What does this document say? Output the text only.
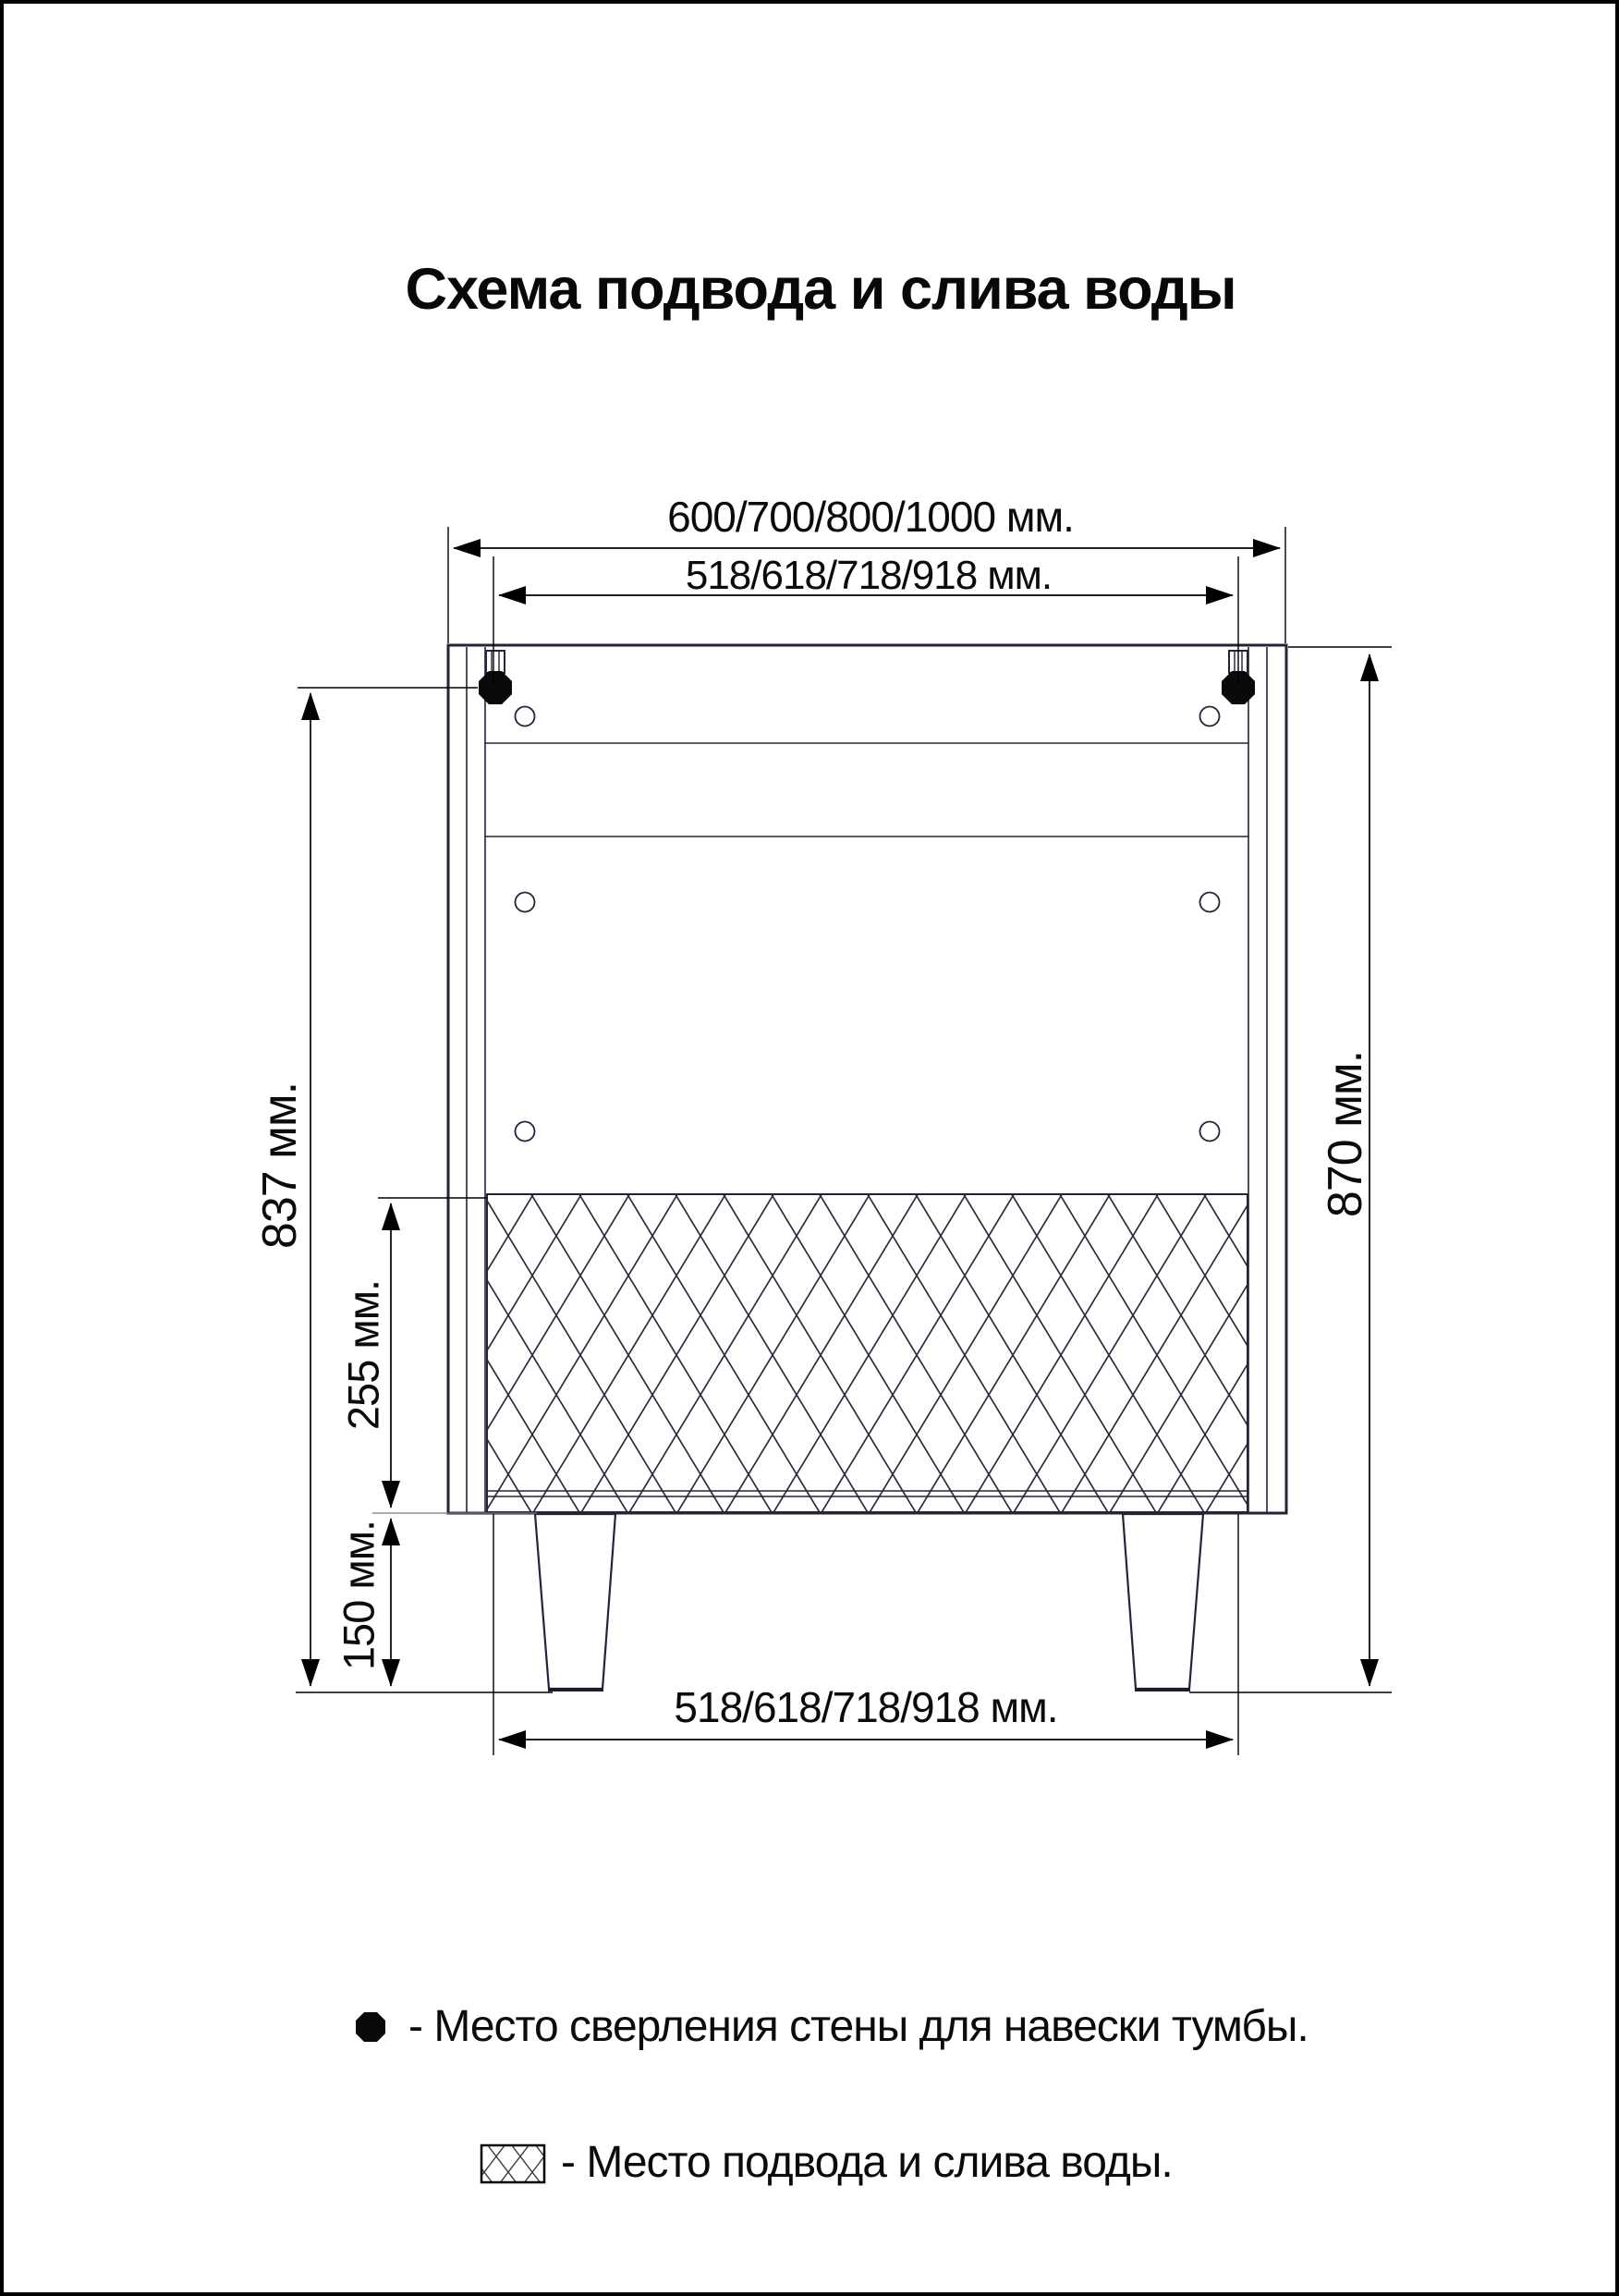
Схема подвода и слива воды
600/700/800/1000 мм.
518/618/718/918 мм.
837 мм.	870 мм.
255 мм.
150 мм.
518/618/718/918 мм.
- Место сверления стены для навески тумбы.
- Место подвода и слива воды.
